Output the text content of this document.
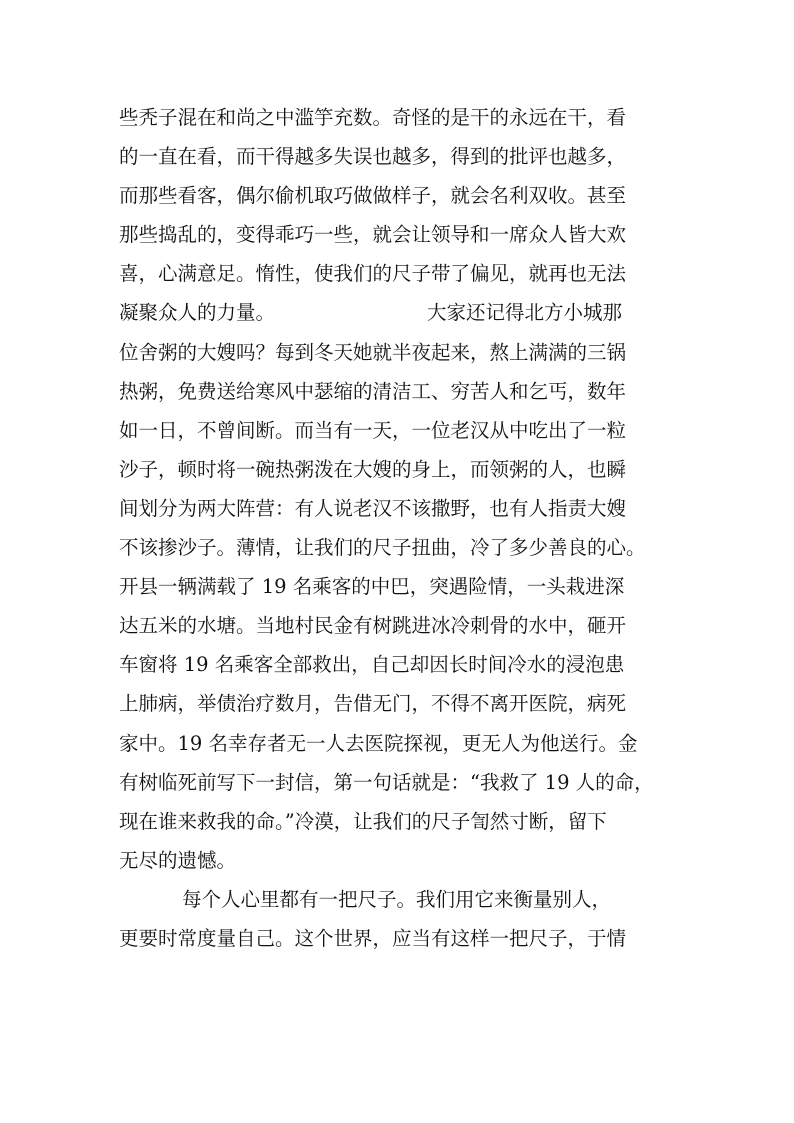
些秃子混在和尚之中滥竽充数。奇怪的是干的永远在干，看
的一直在看，而干得越多失误也越多，得到的批评也越多，
而那些看客，偶尔偷机取巧做做样子，就会名利双收。甚至
那些捣乱的，变得乖巧一些，就会让领导和一席众人皆大欢
喜，心满意足。惰性，使我们的尺子带了偏见，就再也无法
凝聚众人的力量。	大家还记得北方小城那
位舍粥的大嫂吗？每到冬天她就半夜起来，熬上满满的三锅
热粥，免费送给寒风中瑟缩的清洁工、穷苦人和乞丐，数年
如一日，不曾间断。而当有一天，一位老汉从中吃出了一粒
沙子，顿时将一碗热粥泼在大嫂的身上，而领粥的人，也瞬
间划分为两大阵营：有人说老汉不该撒野，也有人指责大嫂
不该掺沙子。薄情，让我们的尺子扭曲，冷了多少善良的心。
开县一辆满载了 19 名乘客的中巴，突遇险情，一头栽进深
达五米的水塘。当地村民金有树跳进冰冷刺骨的水中，砸开
车窗将 19 名乘客全部救出，自己却因长时间冷水的浸泡患
上肺病，举债治疗数月，告借无门，不得不离开医院，病死
家中。19 名幸存者无一人去医院探视，更无人为他送行。金
有树临死前写下一封信，第一句话就是：“我救了 19 人的命，
现在谁来救我的命。”冷漠，让我们的尺子訇然寸断，留下
无尽的遗憾。
每个人心里都有一把尺子。我们用它来衡量别人，
更要时常度量自己。这个世界，应当有这样一把尺子，于情
